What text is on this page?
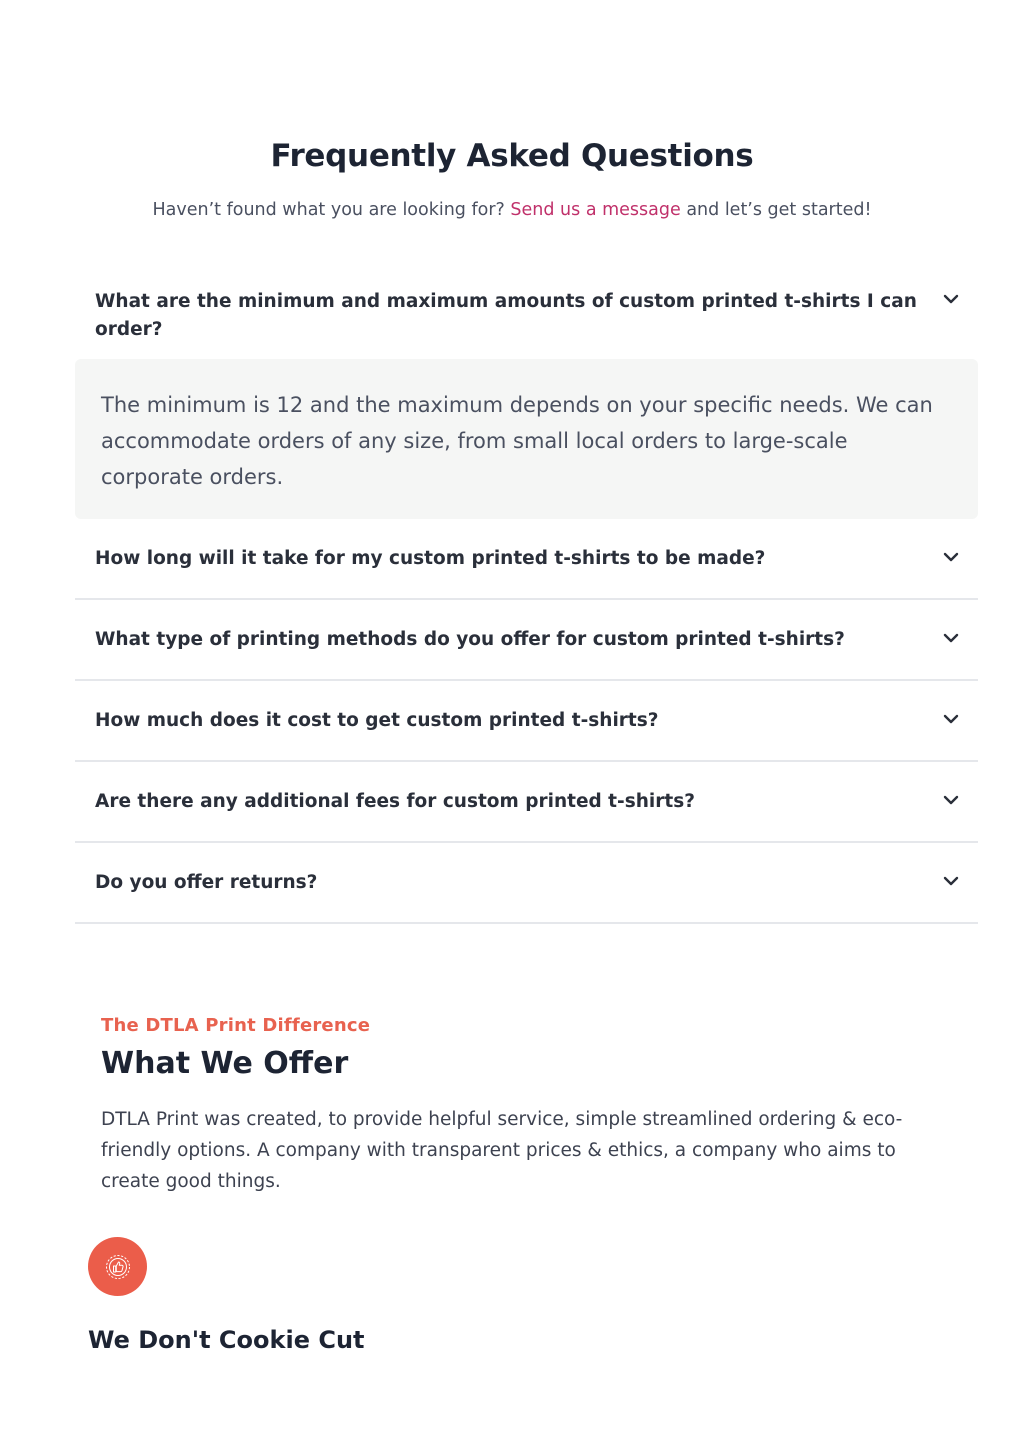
Frequently Asked Questions

Haven’t found what you are looking for? Send us a message and let’s get started!

What are the minimum and maximum amounts of custom printed t-shirts I can order?
The minimum is 12 and the maximum depends on your specific needs. We can accommodate orders of any size, from small local orders to large-scale corporate orders.
How long will it take for my custom printed t-shirts to be made?
What type of printing methods do you offer for custom printed t-shirts?
How much does it cost to get custom printed t-shirts?
Are there any additional fees for custom printed t-shirts?
Do you offer returns?
The DTLA Print Difference
What We Offer

DTLA Print was created, to provide helpful service, simple streamlined ordering & eco-friendly options. A company with transparent prices & ethics, a company who aims to create good things.

We Don't Cookie Cut
